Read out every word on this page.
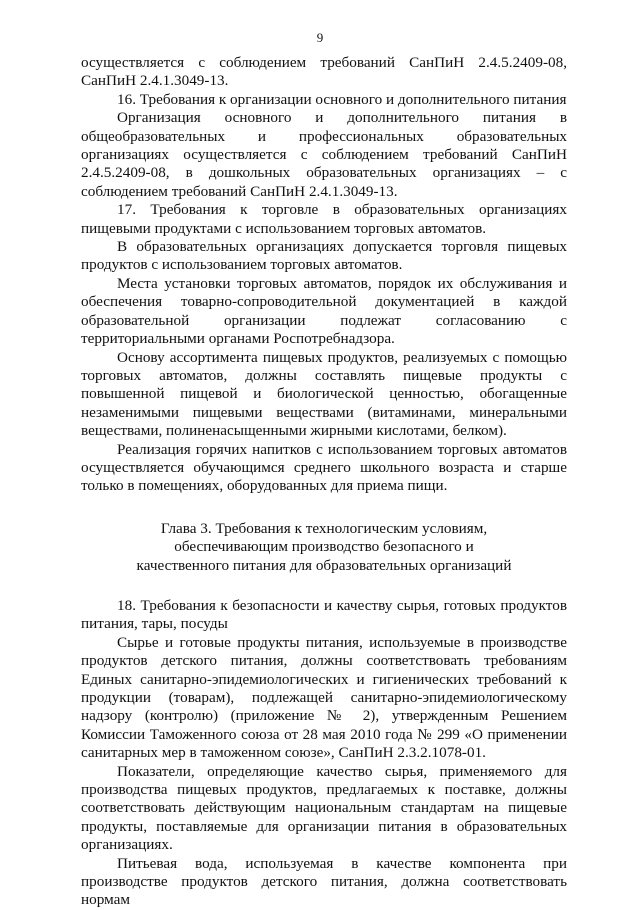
9

осуществляется с соблюдением требований СанПиН 2.4.5.2409-08, СанПиН 2.4.1.3049-13.

16. Требования к организации основного и дополнительного питания

Организация основного и дополнительного питания в общеобразовательных и профессиональных образовательных организациях осуществляется с соблюдением требований СанПиН 2.4.5.2409-08, в дошкольных образовательных организациях – с соблюдением требований СанПиН 2.4.1.3049-13.

17. Требования к торговле в образовательных организациях пищевыми продуктами с использованием торговых автоматов.

В образовательных организациях допускается торговля пищевых продуктов с использованием торговых автоматов.

Места установки торговых автоматов, порядок их обслуживания и обеспечения товарно-сопроводительной документацией в каждой образовательной организации подлежат согласованию с территориальными органами Роспотребнадзора.

Основу ассортимента пищевых продуктов, реализуемых с помощью торговых автоматов, должны составлять пищевые продукты с повышенной пищевой и биологической ценностью, обогащенные незаменимыми пищевыми веществами (витаминами, минеральными веществами, полиненасыщенными жирными кислотами, белком).

Реализация горячих напитков с использованием торговых автоматов осуществляется обучающимся среднего школьного возраста и старше только в помещениях, оборудованных для приема пищи.

Глава 3. Требования к технологическим условиям,

обеспечивающим производство безопасного и

качественного питания для образовательных организаций

18. Требования к безопасности и качеству сырья, готовых продуктов питания, тары, посуды

Сырье и готовые продукты питания, используемые в производстве продуктов детского питания, должны соответствовать требованиям Единых санитарно-эпидемиологических и гигиенических требований к продукции (товарам), подлежащей санитарно-эпидемиологическому надзору (контролю) (приложение № 2), утвержденным Решением Комиссии Таможенного союза от 28 мая 2010 года № 299 «О применении санитарных мер в таможенном союзе», СанПиН 2.3.2.1078-01.

Показатели, определяющие качество сырья, применяемого для производства пищевых продуктов, предлагаемых к поставке, должны соответствовать действующим национальным стандартам на пищевые продукты, поставляемые для организации питания в образовательных организациях.

Питьевая вода, используемая в качестве компонента при производстве продуктов детского питания, должна соответствовать нормам
